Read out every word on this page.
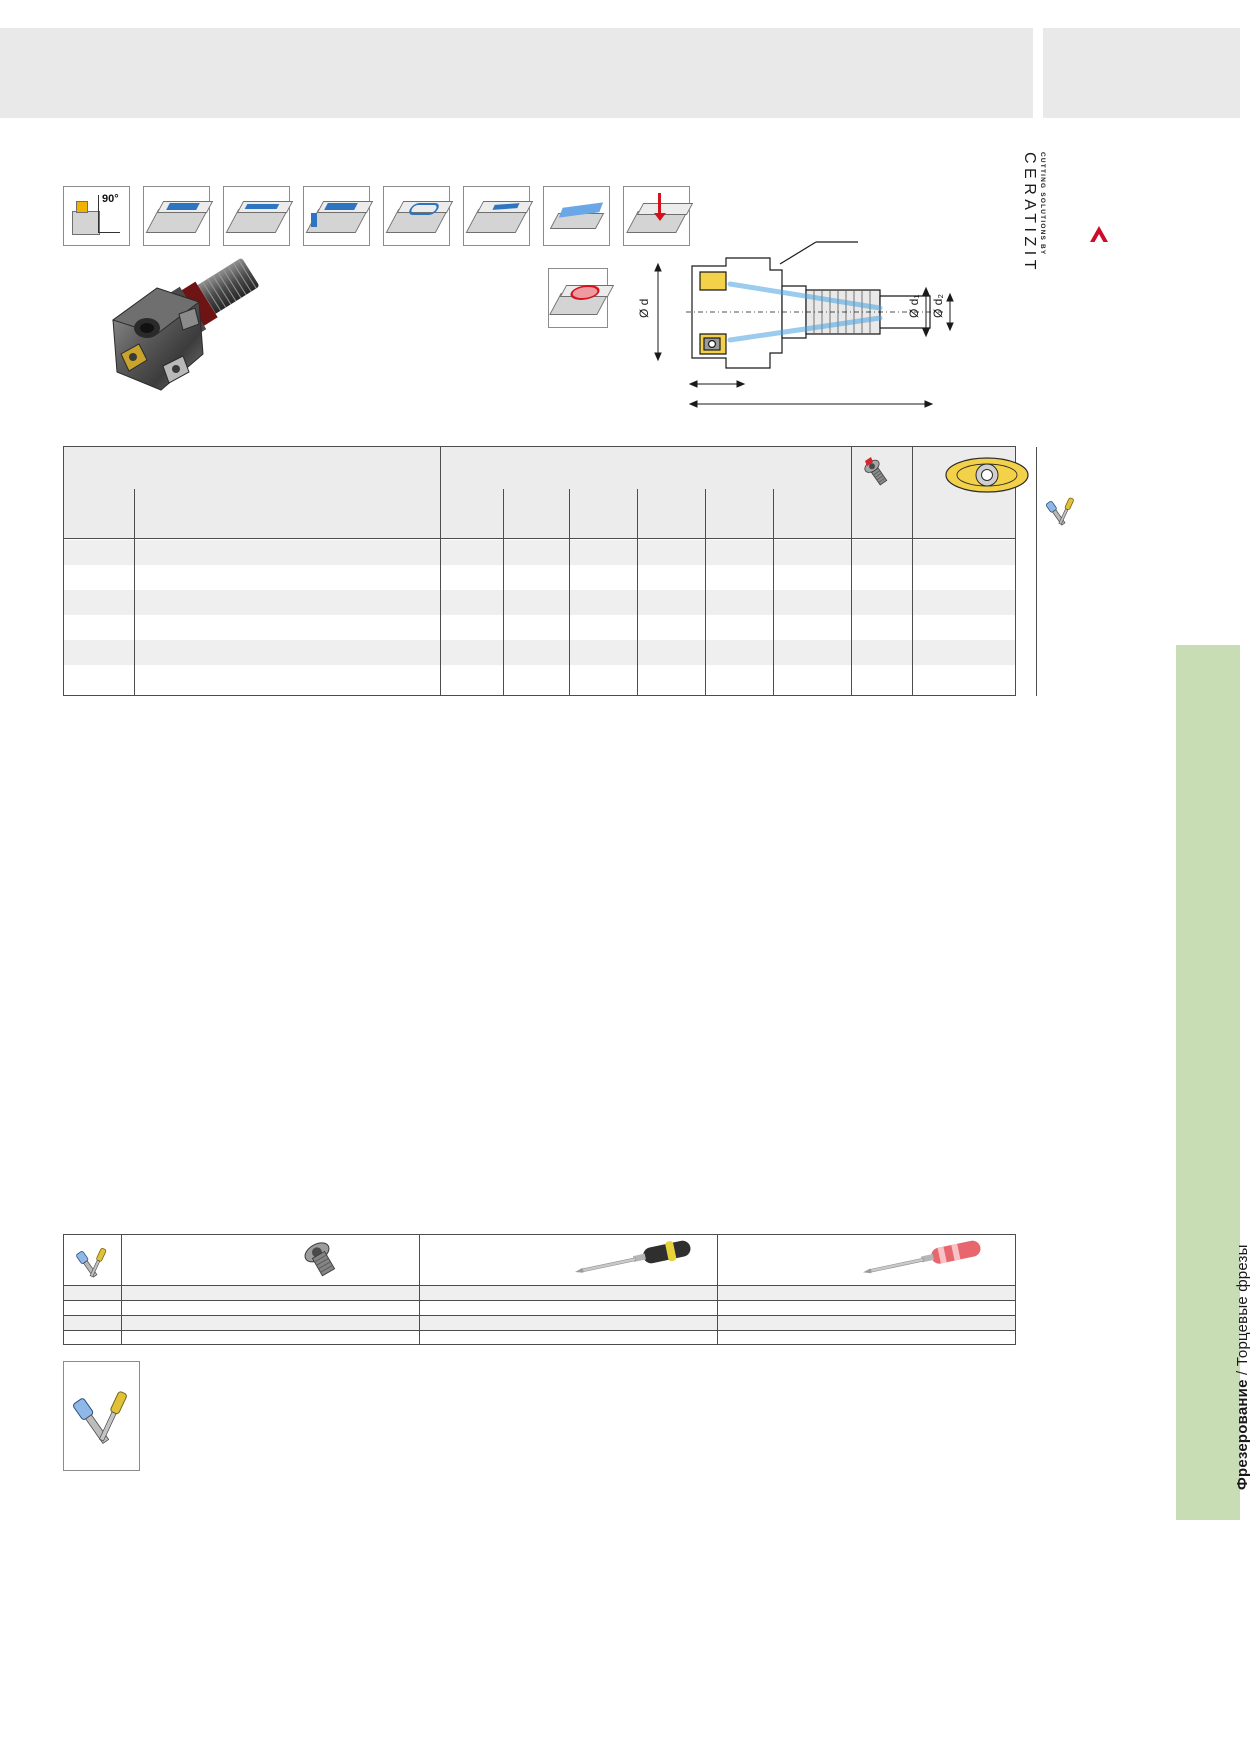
CUTTING SOLUTIONS BY
CERATIZIT
Фрезерование / Торцевые фрезы
90°
Ø d	Ø d₁ Ø d₂
